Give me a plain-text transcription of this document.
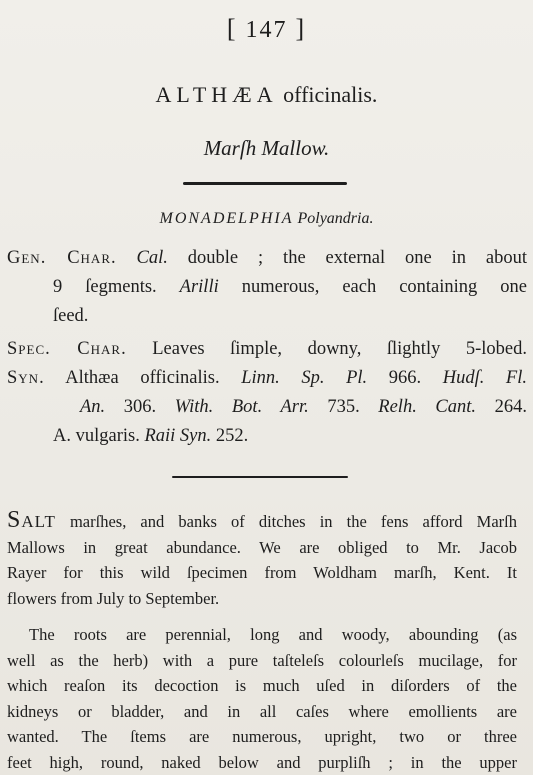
[ 147 ]
ALTHÆA officinalis.
Marſh Mallow.
MONADELPHIA Polyandria.
Gen. Char. Cal. double ; the external one in about
9 ſegments. Arilli numerous, each containing one
ſeed.
Spec. Char. Leaves ſimple, downy, ſlightly 5-lobed.
Syn. Althæa officinalis. Linn. Sp. Pl. 966. Hudſ. Fl.
An. 306. With. Bot. Arr. 735. Relh. Cant. 264.
A. vulgaris. Raii Syn. 252.
Salt marſhes, and banks of ditches in the fens afford Marſh
Mallows in great abundance. We are obliged to Mr. Jacob
Rayer for this wild ſpecimen from Woldham marſh, Kent. It
flowers from July to September.
The roots are perennial, long and woody, abounding (as
well as the herb) with a pure taſteleſs colourleſs mucilage, for
which reaſon its decoction is much uſed in diſorders of the
kidneys or bladder, and in all caſes where emollients are
wanted. The ſtems are numerous, upright, two or three
feet high, round, naked below and purpliſh ; in the upper
